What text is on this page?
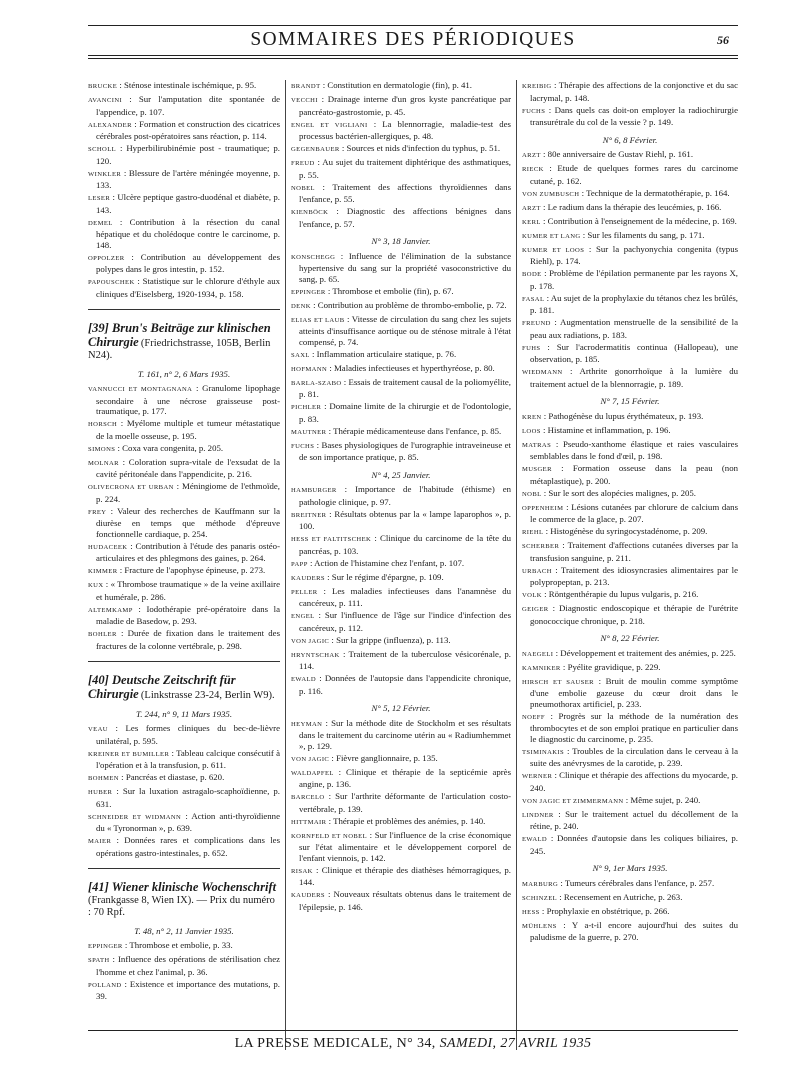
SOMMAIRES DES PÉRIODIQUES	56
BRUCKE : Sténose intestinale ischémique, p. 95.
AVANCINI : Sur l'amputation dite spontanée de l'appendice, p. 107.
ALEXANDER : Formation et construction des cicatrices cérébrales post-opératoires sans réaction, p. 114.
SCHOLL : Hyperbilirubinémie post - traumatique; p. 120.
WINKLER : Blessure de l'artère méningée moyenne, p. 133.
LESER : Ulcère peptique gastro-duodénal et diabète, p. 143.
DEMEL : Contribution à la résection du canal hépatique et du cholédoque contre le carcinome, p. 148.
OPPOLZER : Contribution au développement des polypes dans le gros intestin, p. 152.
PAPOUSCHEK : Statistique sur le chlorure d'éthyle aux cliniques d'Eiselsberg, 1920-1934, p. 158.
[39] Brun's Beiträge zur klinischen Chirurgie (Friedrichstrasse, 105B, Berlin N24).
T. 161, n° 2, 6 Mars 1935.
VANNUCCI ET MONTAGNANA : Granulome lipophage secondaire à une nécrose graisseuse post-traumatique, p. 177.
HORSCH : Myélome multiple et tumeur métastatique de la moelle osseuse, p. 195.
SIMONS : Coxa vara congenita, p. 205.
MOLNAR : Coloration supra-vitale de l'exsudat de la cavité péritonéale dans l'appendicite, p. 216.
OLIVECRONA ET URBAN : Méningiome de l'ethmoïde, p. 224.
FREY : Valeur des recherches de Kauffmann sur la diurèse en temps que méthode d'épreuve fonctionnelle cardiaque, p. 254.
HUDACEEK : Contribution à l'étude des panaris ostéo-articulaires et des phlegmons des gaines, p. 264.
KIMMER : Fracture de l'apophyse épineuse, p. 273.
KUX : « Thrombose traumatique » de la veine axillaire et humérale, p. 286.
ALTEMKAMP : Iodothérapie pré-opératoire dans la maladie de Basedow, p. 293.
BOHLER : Durée de fixation dans le traitement des fractures de la colonne vertébrale, p. 298.
[40] Deutsche Zeitschrift für Chirurgie (Linkstrasse 23-24, Berlin W9).
T. 244, n° 9, 11 Mars 1935.
VEAU : Les formes cliniques du bec-de-lièvre unilatéral, p. 595.
KREINER ET BUMILLER : Tableau calcique consécutif à l'opération et à la transfusion, p. 611.
BOHMEN : Pancréas et diastase, p. 620.
HUBER : Sur la luxation astragalo-scaphoïdienne, p. 631.
SCHNEIDER ET WIDMANN : Action anti-thyroïdienne du « Tyronorman », p. 639.
MAIER : Données rares et complications dans les opérations gastro-intestinales, p. 652.
[41] Wiener klinische Wochenschrift (Frankgasse 8, Wien IX). — Prix du numéro : 70 Rpf.
T. 48, n° 2, 11 Janvier 1935.
EPPINGER : Thrombose et embolie, p. 33.
SPATH : Influence des opérations de stérilisation chez l'homme et chez l'animal, p. 36.
POLLAND : Existence et importance des mutations, p. 39.
BRANDT : Constitution en dermatologie (fin), p. 41.
VECCHI : Drainage interne d'un gros kyste pancréatique par pancréato-gastrostomie, p. 45.
ENGEL ET VIGLIANI : La blennorragie, maladie-test des processus bactérien-allergiques, p. 48.
GEGENBAUER : Sources et nids d'infection du typhus, p. 51.
FREUD : Au sujet du traitement diphtérique des asthmatiques, p. 55.
NOBEL : Traitement des affections thyroïdiennes dans l'enfance, p. 55.
KIENBÖCK : Diagnostic des affections bénignes dans l'enfance, p. 57.
N° 3, 18 Janvier.
KONSCHEGG : Influence de l'élimination de la substance hypertensive du sang sur la propriété vasoconstrictive du sang, p. 65.
EPPINGER : Thrombose et embolie (fin), p. 67.
DENK : Contribution au problème de thrombo-embolie, p. 72.
ELIAS ET LAUB : Vitesse de circulation du sang chez les sujets atteints d'insuffisance aortique ou de sténose mitrale à l'état compensé, p. 74.
SAXL : Inflammation articulaire statique, p. 76.
HOFMANN : Maladies infectieuses et hyperthyréose, p. 80.
BARLA-SZABO : Essais de traitement causal de la poliomyélite, p. 81.
PICHLER : Domaine limite de la chirurgie et de l'odontologie, p. 83.
MAUTNER : Thérapie médicamenteuse dans l'enfance, p. 85.
FUCHS : Bases physiologiques de l'urographie intraveineuse et de son importance pratique, p. 85.
N° 4, 25 Janvier.
HAMBURGER : Importance de l'habitude (éthisme) en pathologie clinique, p. 97.
BREITNER : Résultats obtenus par la « lampe laparophos », p. 100.
HESS ET FALTITSCHEK : Clinique du carcinome de la tête du pancréas, p. 103.
PAPP : Action de l'histamine chez l'enfant, p. 107.
KAUDERS : Sur le régime d'épargne, p. 109.
PELLER : Les maladies infectieuses dans l'anamnèse du cancéreux, p. 111.
ENGEL : Sur l'influence de l'âge sur l'indice d'infection des cancéreux, p. 112.
VON JAGIC : Sur la grippe (influenza), p. 113.
HRYNTSCHAK : Traitement de la tuberculose vésicorénale, p. 114.
EWALD : Données de l'autopsie dans l'appendicite chronique, p. 116.
N° 5, 12 Février.
HEYMAN : Sur la méthode dite de Stockholm et ses résultats dans le traitement du carcinome utérin au « Radiumhemmet », p. 129.
VON JAGIC : Fièvre ganglionnaire, p. 135.
WALDAPFEL : Clinique et thérapie de la septicémie après angine, p. 136.
BARCELO : Sur l'arthrite déformante de l'articulation costo-vertébrale, p. 139.
HITTMAIR : Thérapie et problèmes des anémies, p. 140.
KORNFELD ET NOBEL : Sur l'influence de la crise économique sur l'état alimentaire et le développement corporel de l'enfant viennois, p. 142.
RISAK : Clinique et thérapie des diathèses hémorragiques, p. 144.
KAUDERS : Nouveaux résultats obtenus dans le traitement de l'épilepsie, p. 146.
KREIBIG : Thérapie des affections de la conjonctive et du sac lacrymal, p. 148.
FUCHS : Dans quels cas doit-on employer la radiochirurgie transurétrale du col de la vessie ? p. 149.
N° 6, 8 Février.
ARZT : 80e anniversaire de Gustav Riehl, p. 161.
RIECK : Etude de quelques formes rares du carcinome cutané, p. 162.
VON ZUMBUSCH : Technique de la dermatothérapie, p. 164.
ARZT : Le radium dans la thérapie des leucémies, p. 166.
KERL : Contribution à l'enseignement de la médecine, p. 169.
KUMER ET LANG : Sur les filaments du sang, p. 171.
KUMER ET LOOS : Sur la pachyonychia congenita (typus Riehl), p. 174.
BODE : Problème de l'épilation permanente par les rayons X, p. 178.
FASAL : Au sujet de la prophylaxie du tétanos chez les brûlés, p. 181.
FREUND : Augmentation menstruelle de la sensibilité de la peau aux radiations, p. 183.
FUHS : Sur l'acrodermatitis continua (Hallopeau), une observation, p. 185.
WIEDMANN : Arthrite gonorrhoïque à la lumière du traitement actuel de la blennorragie, p. 189.
N° 7, 15 Février.
KREN : Pathogénèse du lupus érythémateux, p. 193.
LOOS : Histamine et inflammation, p. 196.
MATRAS : Pseudo-xanthome élastique et raies vasculaires semblables dans le fond d'œil, p. 198.
MUSGER : Formation osseuse dans la peau (non métaplastique), p. 200.
NOBL : Sur le sort des alopécies malignes, p. 205.
OPPENHEIM : Lésions cutanées par chlorure de calcium dans le commerce de la glace, p. 207.
RIEHL : Histogénèse du syringocystadénome, p. 209.
SCHERBER : Traitement d'affections cutanées diverses par la transfusion sanguine, p. 211.
URBACH : Traitement des idiosyncrasies alimentaires par le polypropeptan, p. 213.
VOLK : Röntgenthérapie du lupus vulgaris, p. 216.
GEIGER : Diagnostic endoscopique et thérapie de l'urétrite gonococcique chronique, p. 218.
N° 8, 22 Février.
NAEGELI : Développement et traitement des anémies, p. 225.
KAMNIKER : Pyélite gravidique, p. 229.
HIRSCH ET SAUSER : Bruit de moulin comme symptôme d'une embolie gazeuse du cœur droit dans le pneumothorax artificiel, p. 233.
NOEFF : Progrès sur la méthode de la numération des thrombocytes et de son emploi pratique en particulier dans le diagnostic du carcinome, p. 235.
TSIMINAKIS : Troubles de la circulation dans le cerveau à la suite des anévrysmes de la carotide, p. 239.
WERNER : Clinique et thérapie des affections du myocarde, p. 240.
VON JAGIC ET ZIMMERMANN : Même sujet, p. 240.
LINDNER : Sur le traitement actuel du décollement de la rétine, p. 240.
EWALD : Données d'autopsie dans les coliques biliaires, p. 245.
N° 9, 1er Mars 1935.
MARBURG : Tumeurs cérébrales dans l'enfance, p. 257.
SCHINZEL : Recensement en Autriche, p. 263.
HESS : Prophylaxie en obstétrique, p. 266.
MÜHLENS : Y a-t-il encore aujourd'hui des suites du paludisme de la guerre, p. 270.
LA PRESSE MEDICALE, N° 34, SAMEDI, 27 AVRIL 1935
